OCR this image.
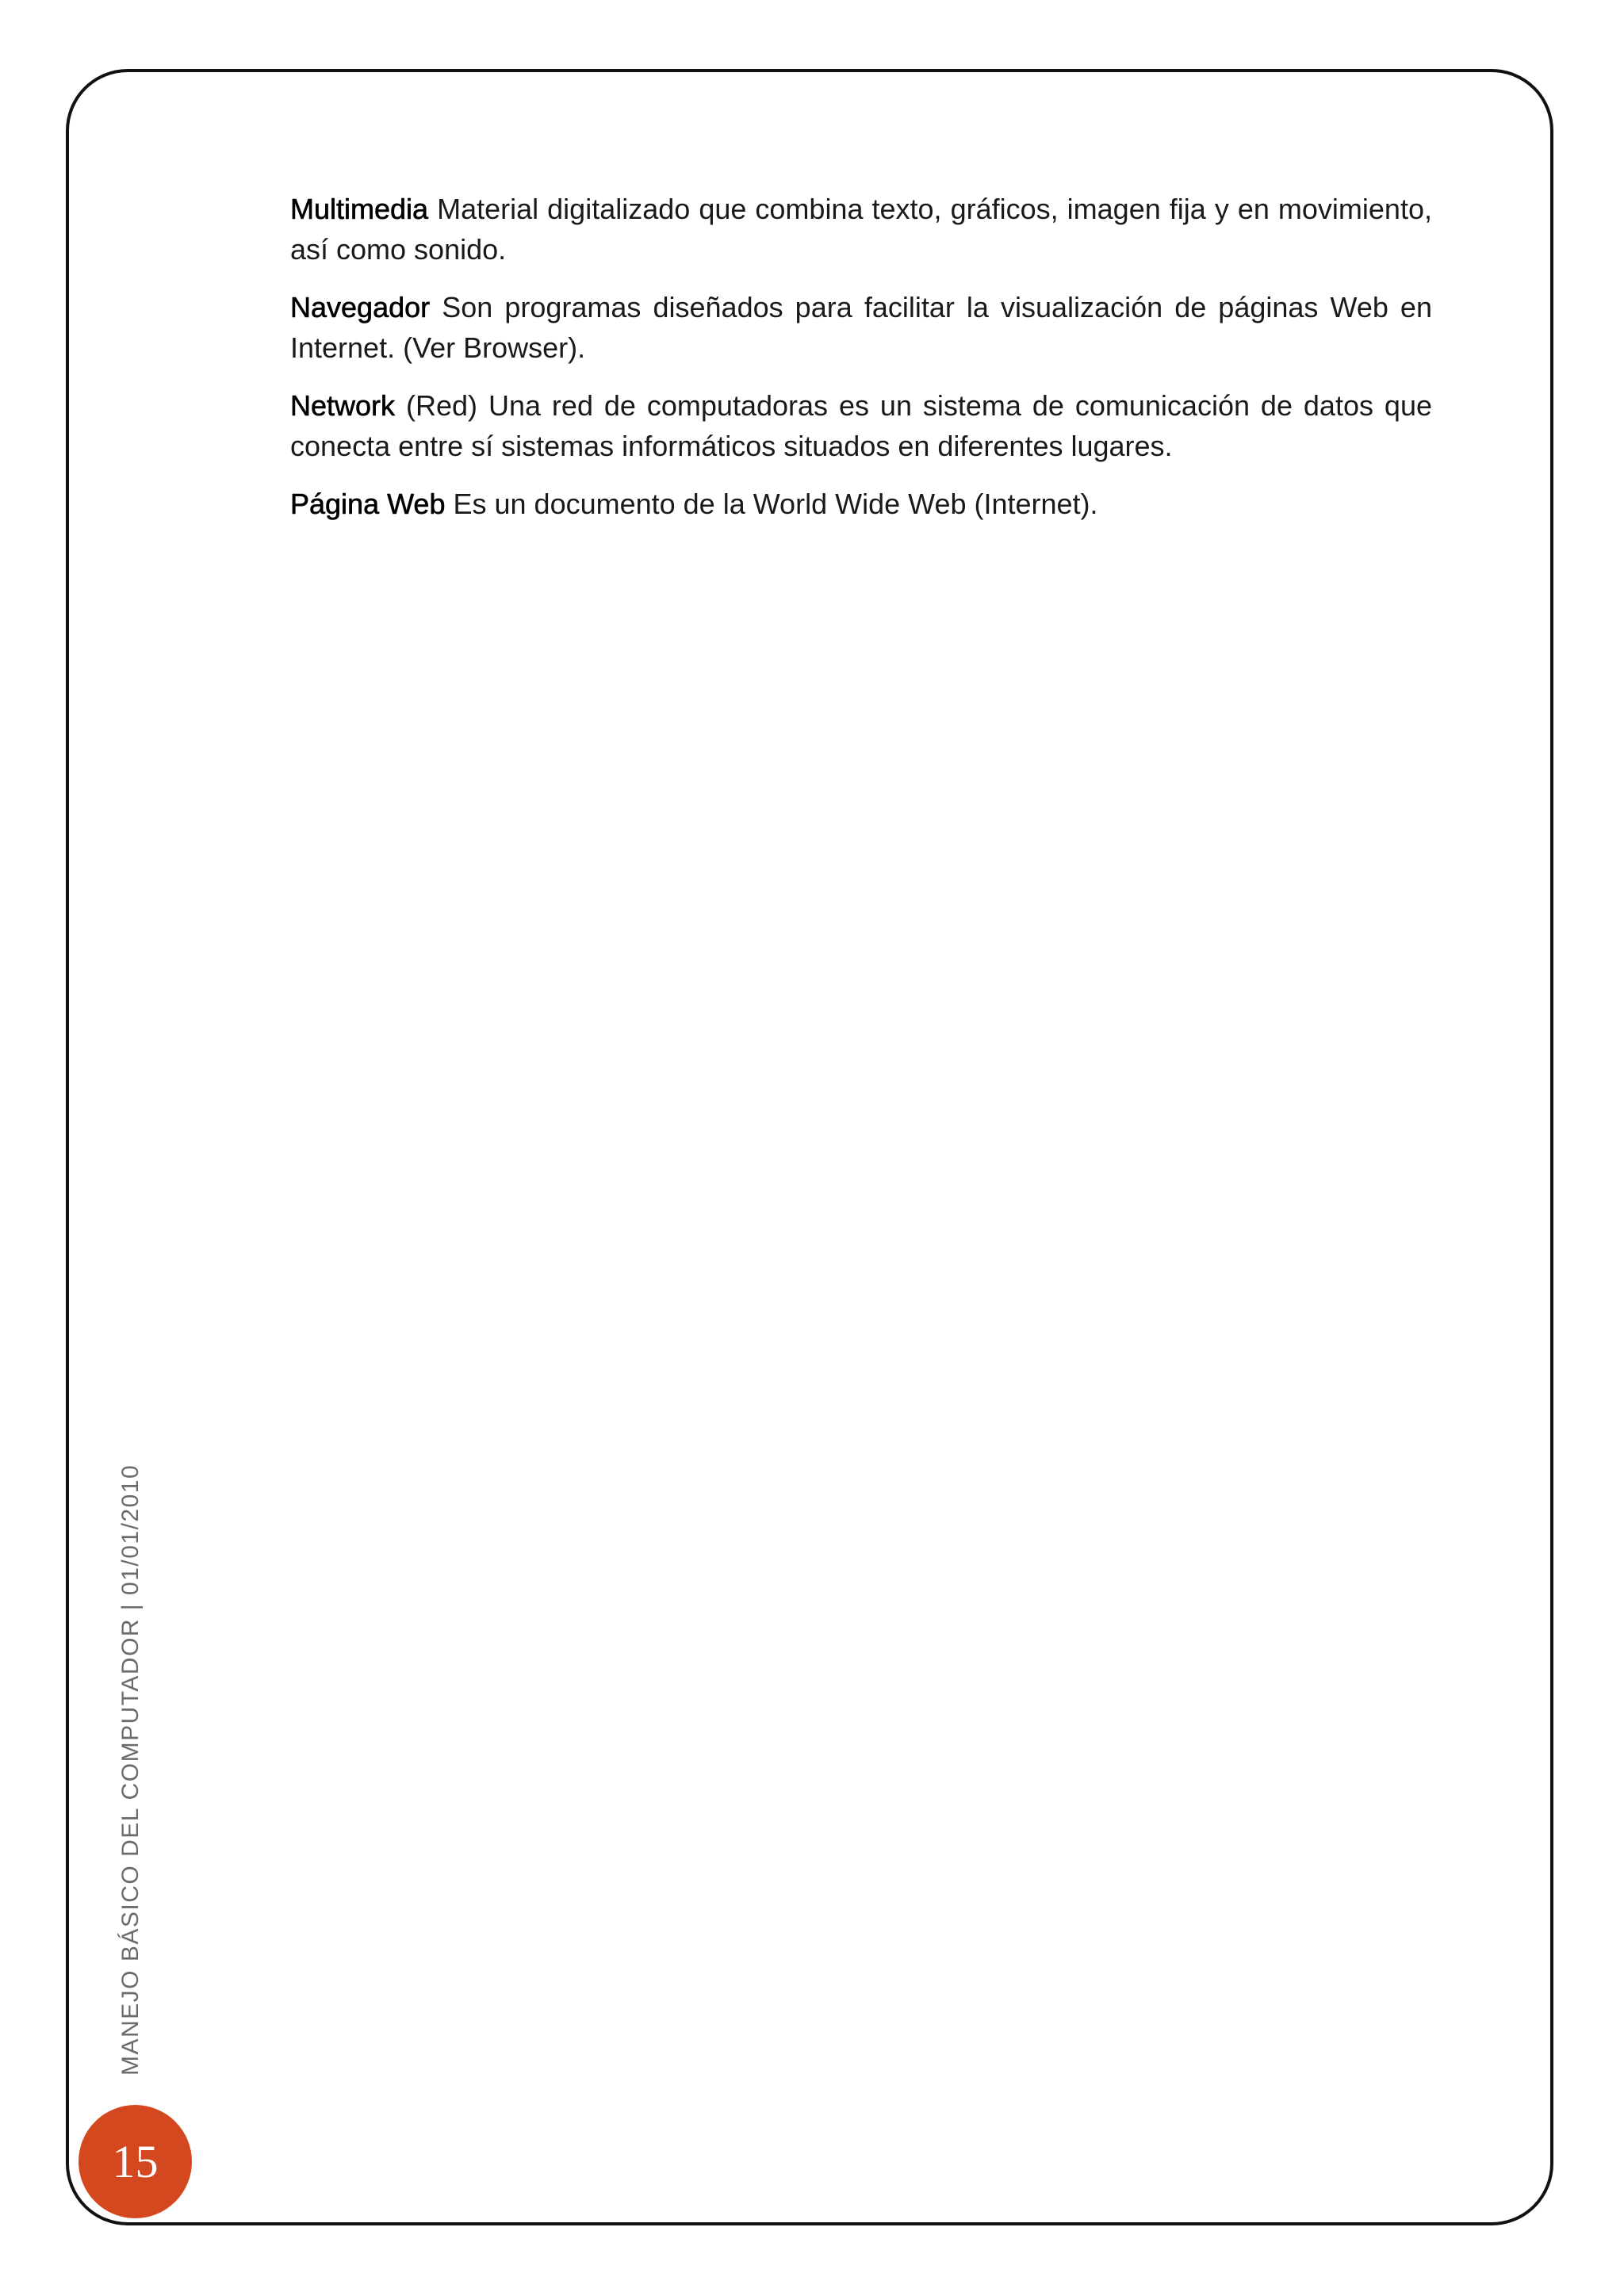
Multimedia Material digitalizado que combina texto, gráficos, imagen fija y en movimiento, así como sonido.

Navegador Son programas diseñados para facilitar la visualización de páginas Web en Internet. (Ver Browser).

Network (Red) Una red de computadoras es un sistema de comunicación de datos que conecta entre sí sistemas informáticos situados en diferentes lugares.

Página Web Es un documento de la World Wide Web (Internet).

MANEJO BÁSICO DEL COMPUTADOR | 01/01/2010
15
